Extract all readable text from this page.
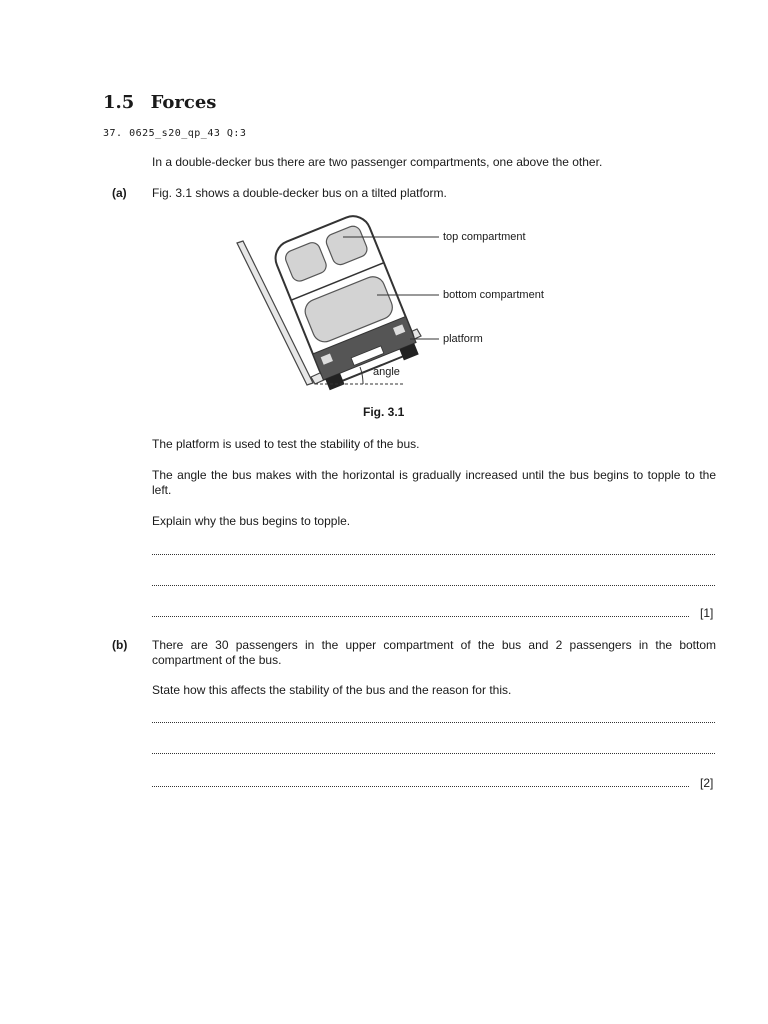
1.5 Forces
37. 0625_s20_qp_43 Q:3
In a double-decker bus there are two passenger compartments, one above the other.
(a) Fig. 3.1 shows a double-decker bus on a tilted platform.
top compartment
bottom compartment
platform
angle
Fig. 3.1
The platform is used to test the stability of the bus.
The angle the bus makes with the horizontal is gradually increased until the bus begins to topple to the left.
Explain why the bus begins to topple.
[1]
(b) There are 30 passengers in the upper compartment of the bus and 2 passengers in the bottom compartment of the bus.
State how this affects the stability of the bus and the reason for this.
[2]
